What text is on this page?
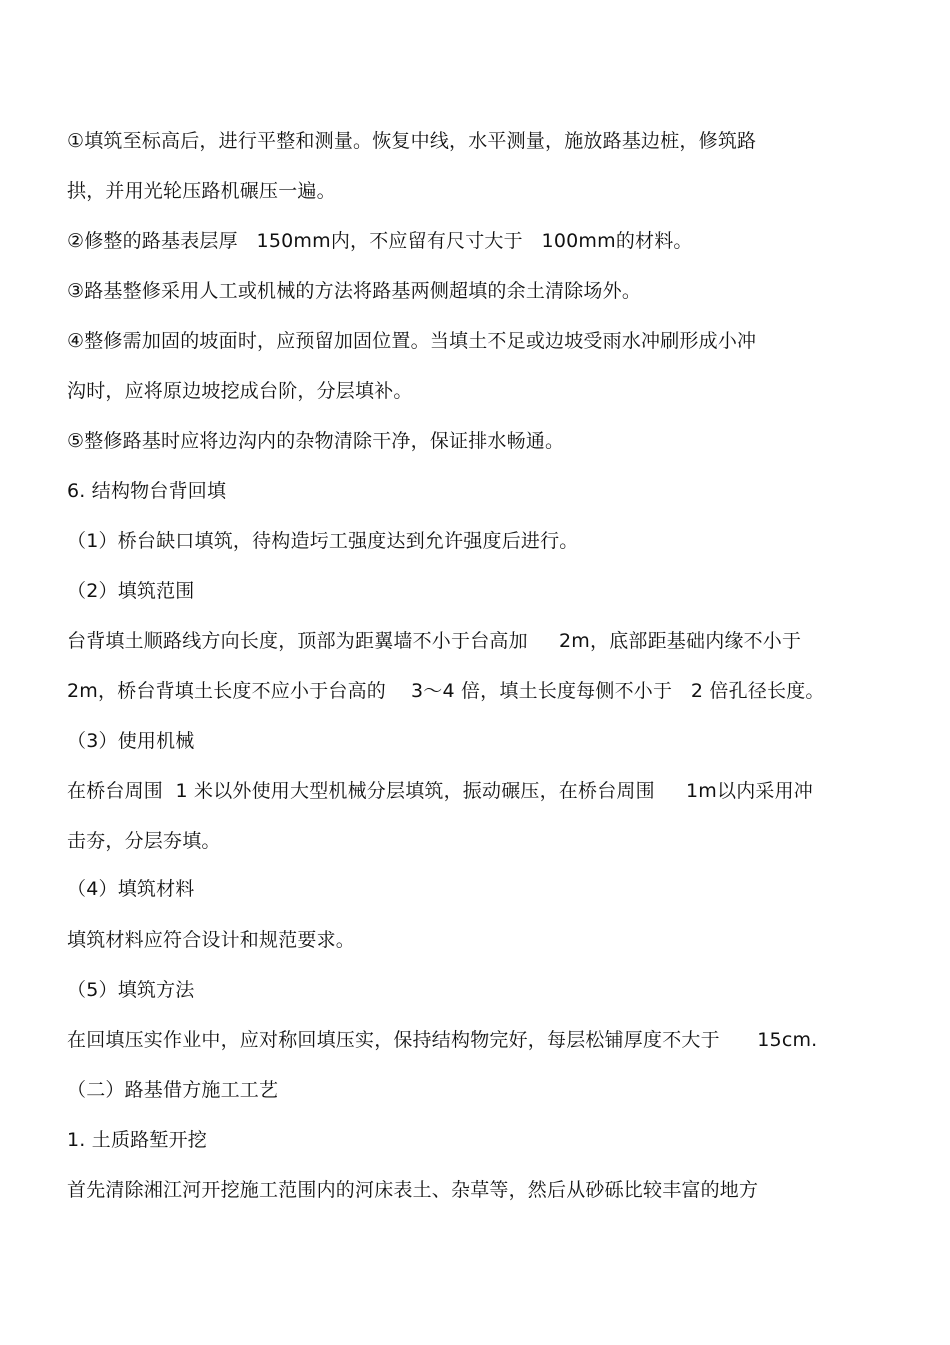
①填筑至标高后，进行平整和测量。恢复中线，水平测量，施放路基边桩，修筑路
拱，并用光轮压路机碾压一遍。
②修整的路基表层厚   150mm内，不应留有尺寸大于   100mm的材料。
③路基整修采用人工或机械的方法将路基两侧超填的余土清除场外。
④整修需加固的坡面时，应预留加固位置。当填土不足或边坡受雨水冲刷形成小冲
沟时，应将原边坡挖成台阶，分层填补。
⑤整修路基时应将边沟内的杂物清除干净，保证排水畅通。
6. 结构物台背回填
（1）桥台缺口填筑，待构造圬工强度达到允许强度后进行。
（2）填筑范围
台背填土顺路线方向长度，顶部为距翼墙不小于台高加     2m，底部距基础内缘不小于
2m，桥台背填土长度不应小于台高的    3～4 倍，填土长度每侧不小于   2 倍孔径长度。
（3）使用机械
在桥台周围  1 米以外使用大型机械分层填筑，振动碾压，在桥台周围     1m以内采用冲
击夯，分层夯填。
（4）填筑材料
填筑材料应符合设计和规范要求。
（5）填筑方法
在回填压实作业中，应对称回填压实，保持结构物完好，每层松铺厚度不大于      15cm.
（二）路基借方施工工艺
1. 土质路堑开挖
首先清除湘江河开挖施工范围内的河床表土、杂草等，然后从砂砾比较丰富的地方
